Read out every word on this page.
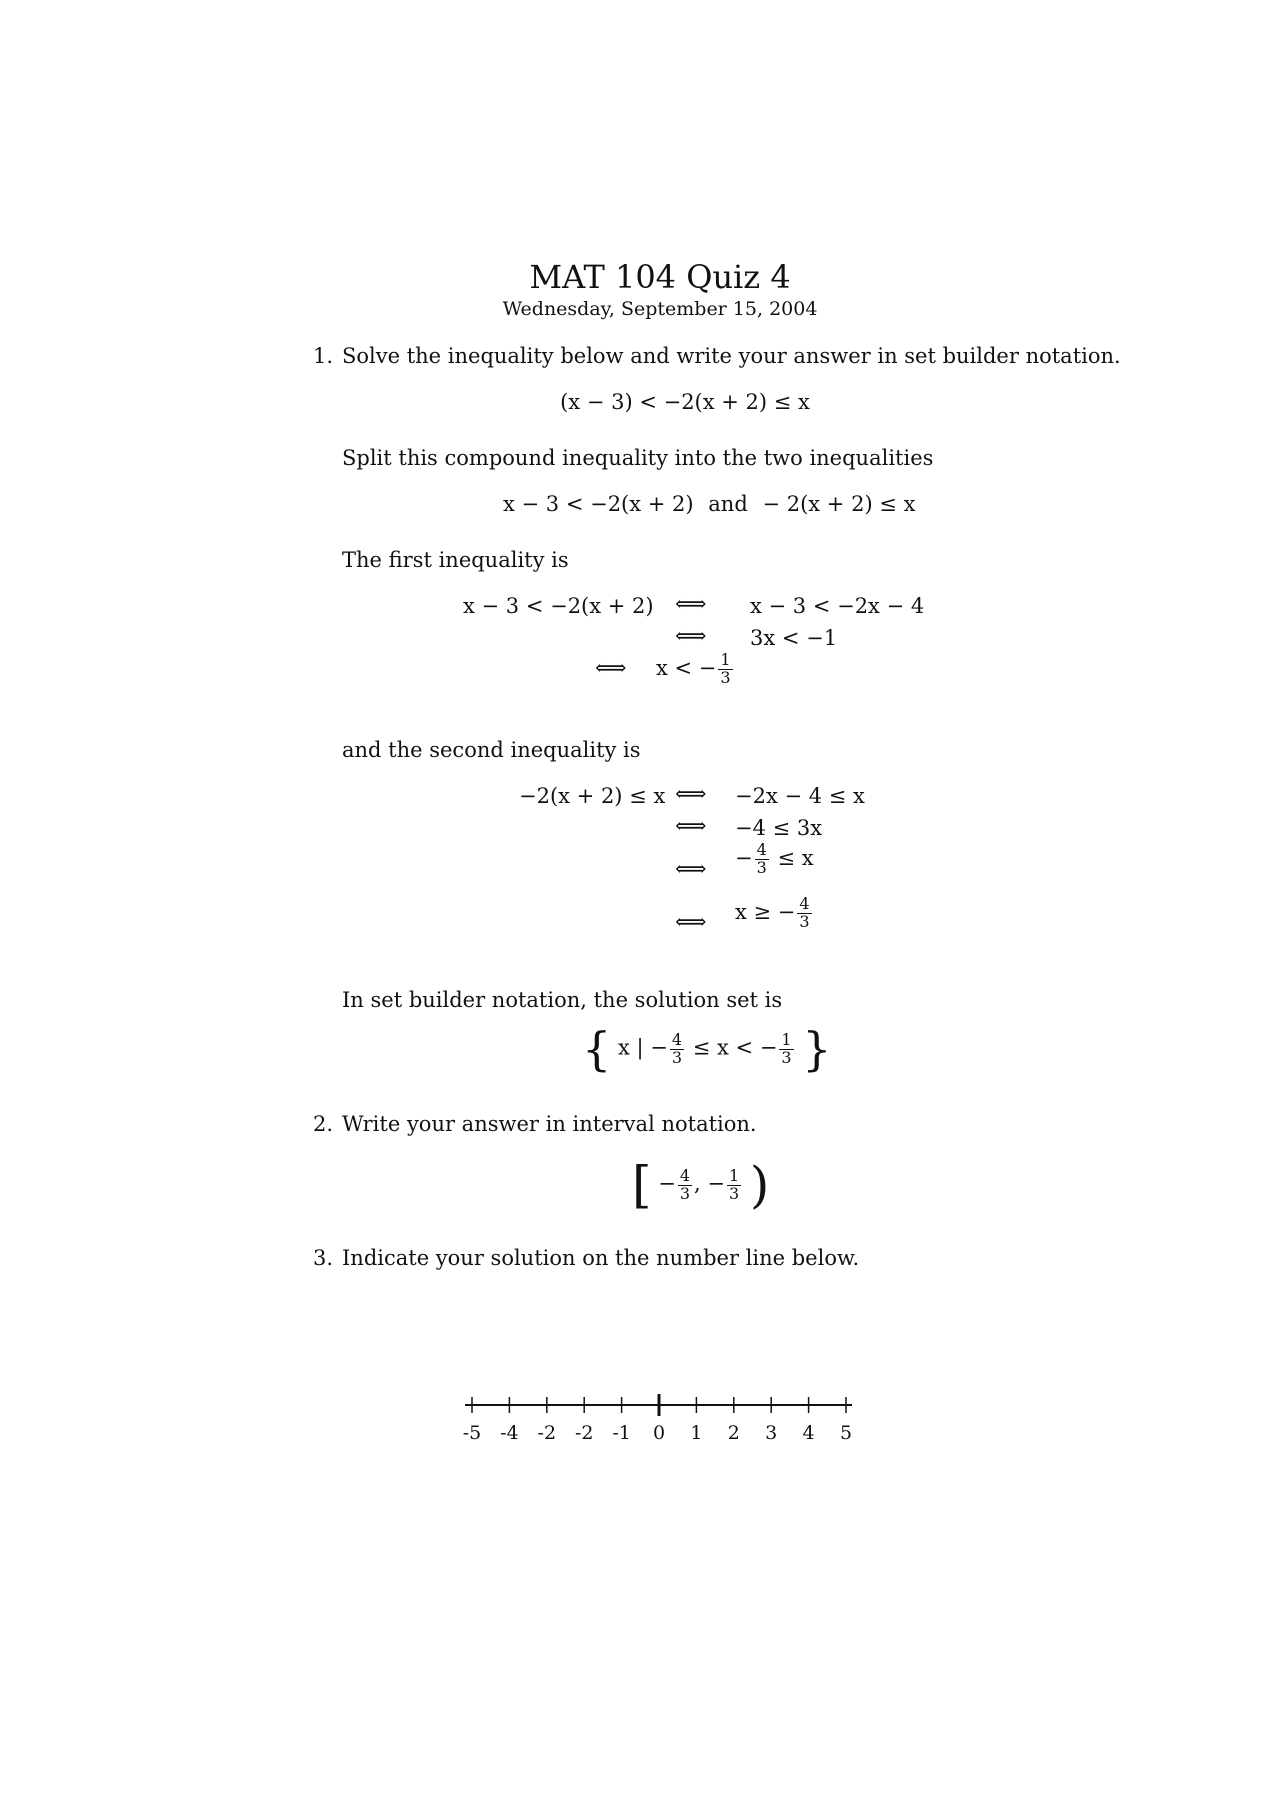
MAT 104 Quiz 4
Wednesday, September 15, 2004
1. Solve the inequality below and write your answer in set builder notation.
(x − 3) < −2(x + 2) ≤ x
Split this compound inequality into the two inequalities
x − 3 < −2(x + 2) and − 2(x + 2) ≤ x
The first inequality is
x − 3 < −2(x + 2) ⟺ x − 3 < −2x − 4
⟺ 3x < −1
⟺ x < − $\frac{1}{3}$
and the second inequality is
−2(x + 2) ≤ x ⟺ −2x − 4 ≤ x
⟺ −4 ≤ 3x
⟺ − $\frac{4}{3} \le x$
⟺ x ≥ − $\frac{4}{3}$
In set builder notation, the solution set is
{ x | − $\frac{4}{3} \le x$ < − $\frac{1}{3}$ }
2. Write your answer in interval notation.
[ − $\frac{4}{3}$ , − $\frac{1}{3}$ )
3. Indicate your solution on the number line below.
-5 -4 -2 -2 -1 0 1 2 3 4 5
